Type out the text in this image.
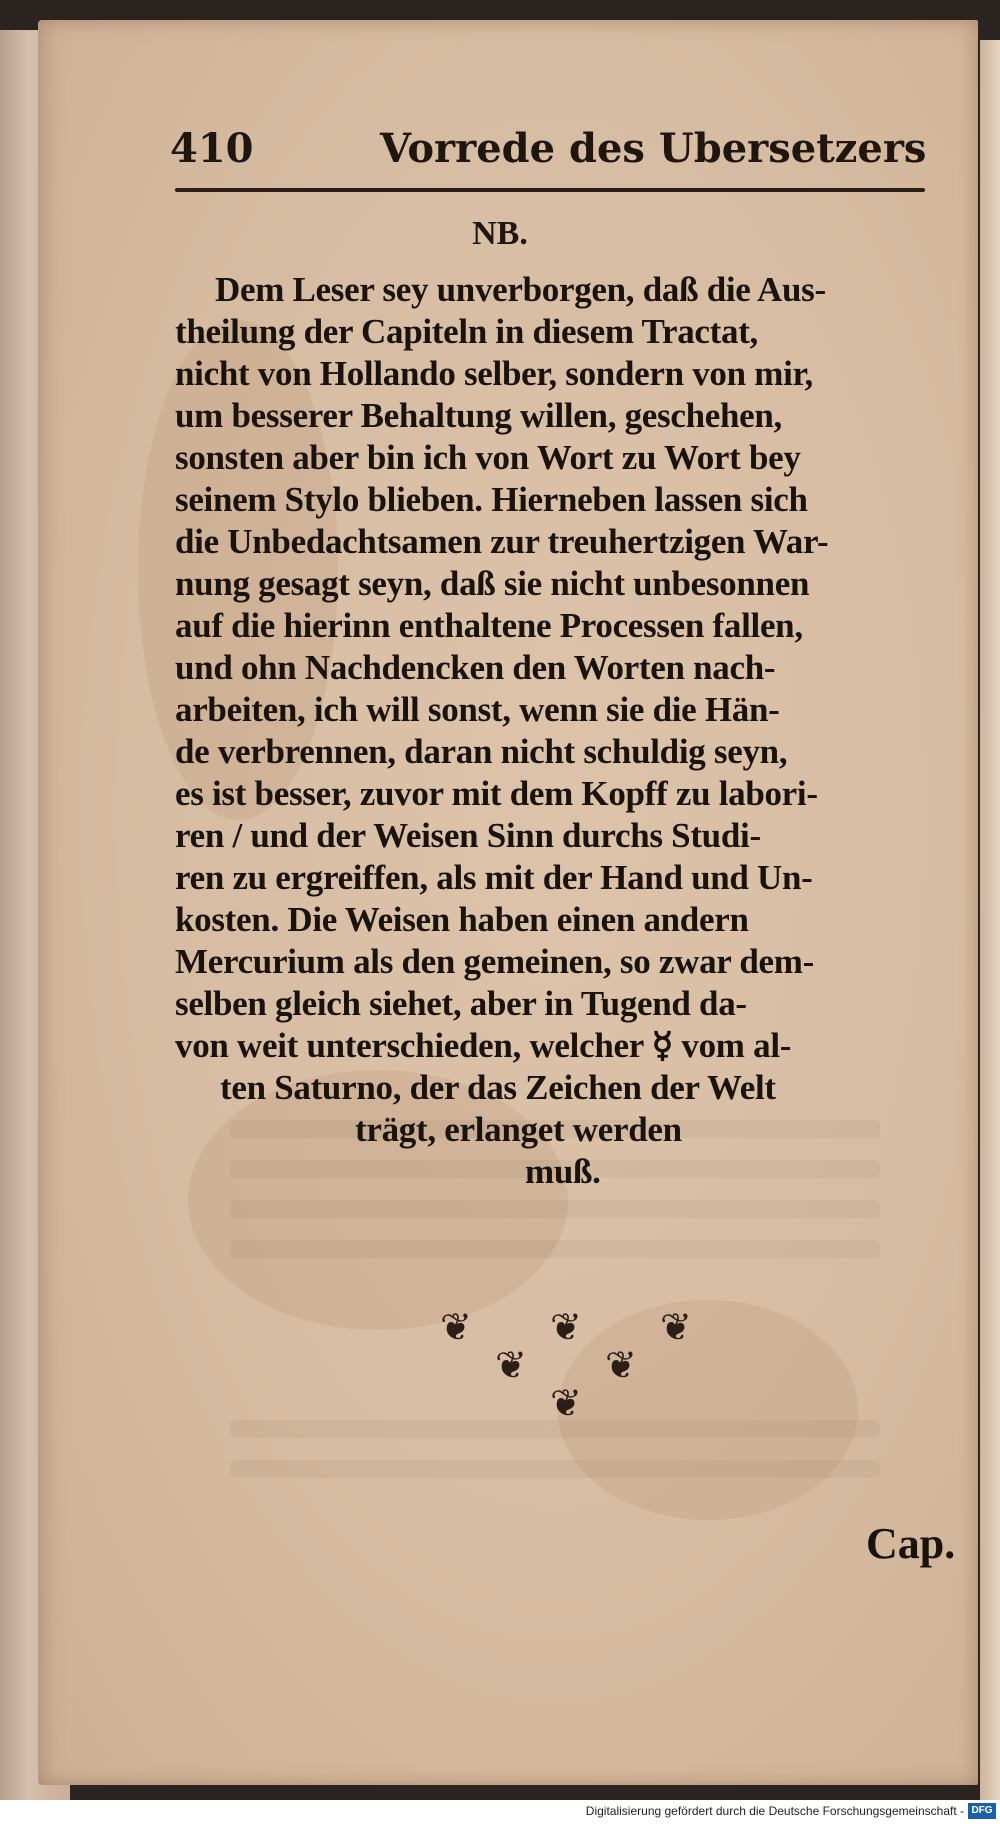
410	Vorrede des Ubersetzers
NB.
Dem Leser sey unverborgen, daß die Aus-
theilung der Capiteln in diesem Tractat,
nicht von Hollando selber, sondern von mir,
um besserer Behaltung willen, geschehen,
sonsten aber bin ich von Wort zu Wort bey
seinem Stylo blieben. Hierneben lassen sich
die Unbedachtsamen zur treuhertzigen War-
nung gesagt seyn, daß sie nicht unbesonnen
auf die hierinn enthaltene Processen fallen,
und ohn Nachdencken den Worten nach-
arbeiten, ich will sonst, wenn sie die Hän-
de verbrennen, daran nicht schuldig seyn,
es ist besser, zuvor mit dem Kopff zu labori-
ren / und der Weisen Sinn durchs Studi-
ren zu ergreiffen, als mit der Hand und Un-
kosten. Die Weisen haben einen andern
Mercurium als den gemeinen, so zwar dem-
selben gleich siehet, aber in Tugend da-
von weit unterschieden, welcher ☿ vom al-
ten Saturno, der das Zeichen der Welt
trägt, erlanget werden
muß.
❦ ❦ ❦
❦ ❦
❦
Cap.
Digitalisierung gefördert durch die Deutsche Forschungsgemeinschaft - DFG
